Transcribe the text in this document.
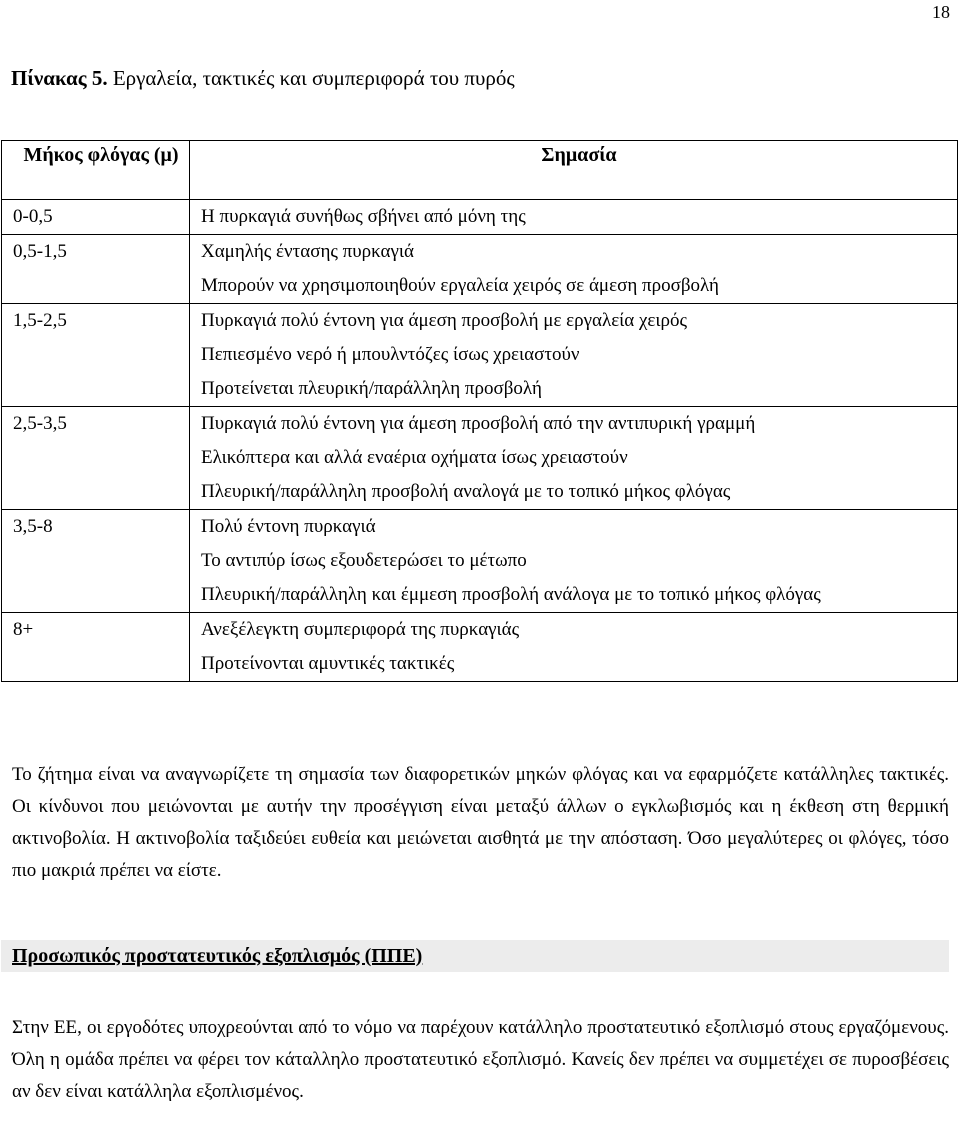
18
Πίνακας 5. Εργαλεία, τακτικές και συμπεριφορά του πυρός
Μήκος φλόγας (μ)	Σημασία
0-0,5	Η πυρκαγιά συνήθως σβήνει από μόνη της

0,5-1,5	Χαμηλής έντασης πυρκαγιά
Μπορούν να χρησιμοποιηθούν εργαλεία χειρός σε άμεση προσβολή

1,5-2,5	Πυρκαγιά πολύ έντονη για άμεση προσβολή με εργαλεία χειρός
Πεπιεσμένο νερό ή μπουλντόζες ίσως χρειαστούν
Προτείνεται πλευρική/παράλληλη προσβολή

2,5-3,5	Πυρκαγιά πολύ έντονη για άμεση προσβολή από την αντιπυρική γραμμή
Ελικόπτερα και αλλά εναέρια οχήματα ίσως χρειαστούν
Πλευρική/παράλληλη προσβολή αναλογά με το τοπικό μήκος φλόγας

3,5-8	Πολύ έντονη πυρκαγιά
Το αντιπύρ ίσως εξουδετερώσει το μέτωπο
Πλευρική/παράλληλη και έμμεση προσβολή ανάλογα με το τοπικό μήκος φλόγας

8+	Ανεξέλεγκτη συμπεριφορά της πυρκαγιάς
Προτείνονται αμυντικές τακτικές
Το ζήτημα είναι να αναγνωρίζετε τη σημασία των διαφορετικών μηκών φλόγας και να εφαρμόζετε κατάλληλες τακτικές. Οι κίνδυνοι που μειώνονται με αυτήν την προσέγγιση είναι μεταξύ άλλων ο εγκλωβισμός και η έκθεση στη θερμική ακτινοβολία. Η ακτινοβολία ταξιδεύει ευθεία και μειώνεται αισθητά με την απόσταση. Όσο μεγαλύτερες οι φλόγες, τόσο πιο μακριά πρέπει να είστε.
Προσωπικός προστατευτικός εξοπλισμός (ΠΠΕ)
Στην ΕΕ, οι εργοδότες υποχρεούνται από το νόμο να παρέχουν κατάλληλο προστατευτικό εξοπλισμό στους εργαζόμενους. Όλη η ομάδα πρέπει να φέρει τον κάταλληλο προστατευτικό εξοπλισμό. Κανείς δεν πρέπει να συμμετέχει σε πυροσβέσεις αν δεν είναι κατάλληλα εξοπλισμένος.
